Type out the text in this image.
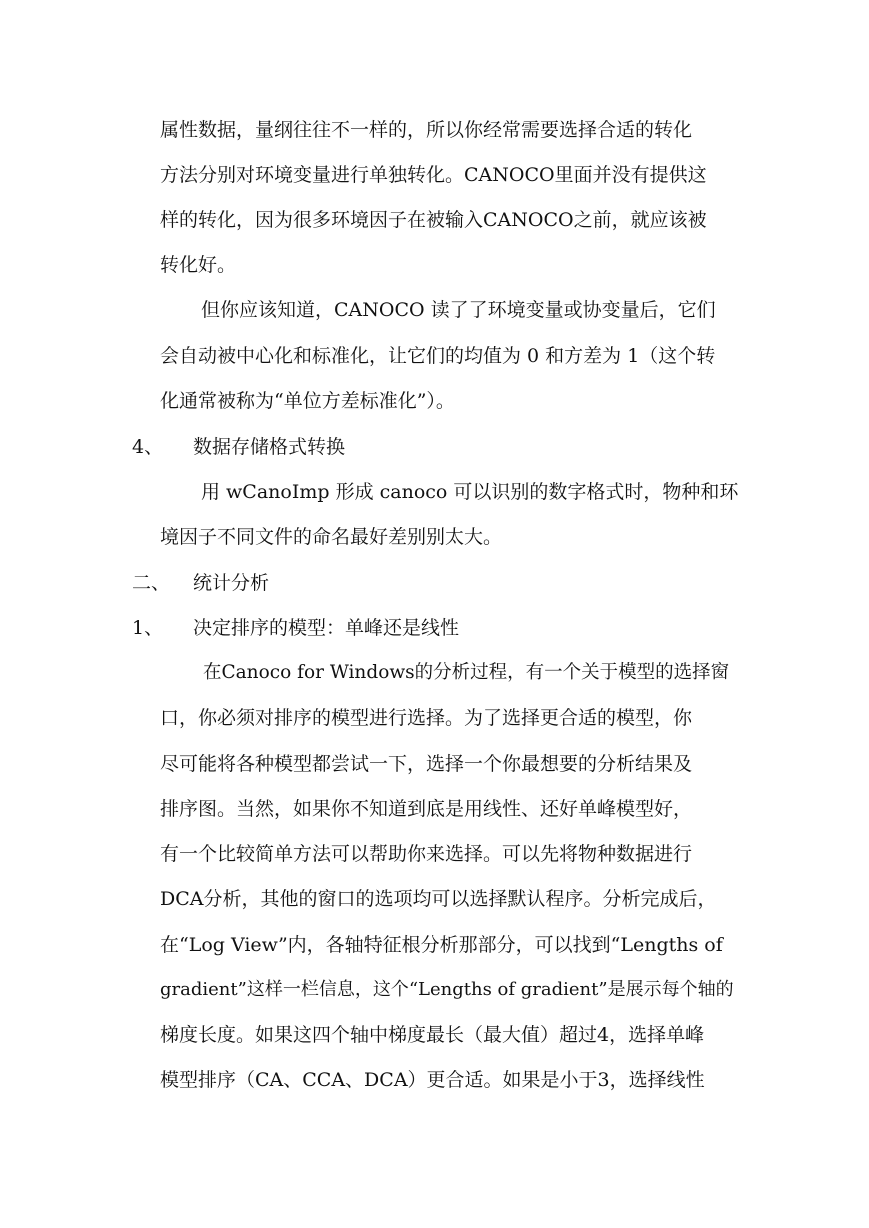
属性数据，量纲往往不一样的，所以你经常需要选择合适的转化
方法分别对环境变量进行单独转化。CANOCO里面并没有提供这
样的转化，因为很多环境因子在被输入CANOCO之前，就应该被
转化好。
但你应该知道，CANOCO 读了了环境变量或协变量后，它们
会自动被中心化和标准化，让它们的均值为 0 和方差为 1（这个转
化通常被称为“单位方差标准化”）。
4、 数据存储格式转换
用 wCanoImp 形成 canoco 可以识别的数字格式时，物种和环
境因子不同文件的命名最好差别别太大。
二、 统计分析
1、 决定排序的模型：单峰还是线性
在Canoco for Windows的分析过程，有一个关于模型的选择窗
口，你必须对排序的模型进行选择。为了选择更合适的模型，你
尽可能将各种模型都尝试一下，选择一个你最想要的分析结果及
排序图。当然，如果你不知道到底是用线性、还好单峰模型好，
有一个比较简单方法可以帮助你来选择。可以先将物种数据进行
DCA分析，其他的窗口的选项均可以选择默认程序。分析完成后，
在“Log View”内，各轴特征根分析那部分，可以找到“Lengths of
gradient”这样一栏信息，这个“Lengths of gradient”是展示每个轴的
梯度长度。如果这四个轴中梯度最长（最大值）超过4，选择单峰
模型排序（CA、CCA、DCA）更合适。如果是小于3，选择线性
